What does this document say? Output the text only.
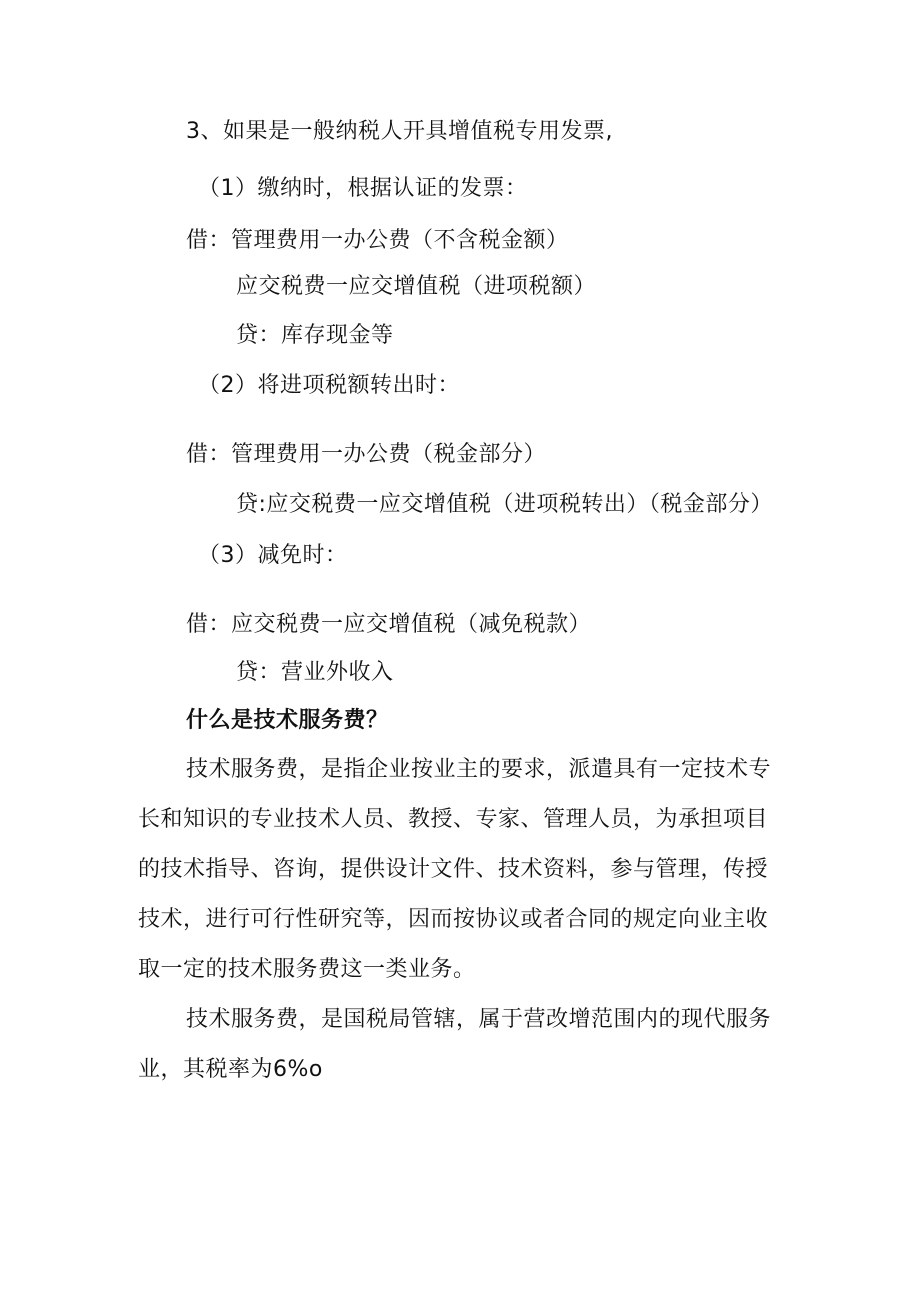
3、如果是一般纳税人开具增值税专用发票,
（1）缴纳时，根据认证的发票：
借：管理费用一办公费（不含税金额）
应交税费一应交增值税（进项税额）
贷：库存现金等
（2）将进项税额转出时：
借：管理费用一办公费（税金部分）
贷:应交税费一应交增值税（进项税转出）（税金部分）
（3）减免时：
借：应交税费一应交增值税（减免税款）
贷：营业外收入
什么是技术服务费？
技术服务费，是指企业按业主的要求，派遣具有一定技术专
长和知识的专业技术人员、教授、专家、管理人员，为承担项目
的技术指导、咨询，提供设计文件、技术资料，参与管理，传授
技术，进行可行性研究等，因而按协议或者合同的规定向业主收
取一定的技术服务费这一类业务。
技术服务费，是国税局管辖，属于营改增范围内的现代服务
业，其税率为6%o
